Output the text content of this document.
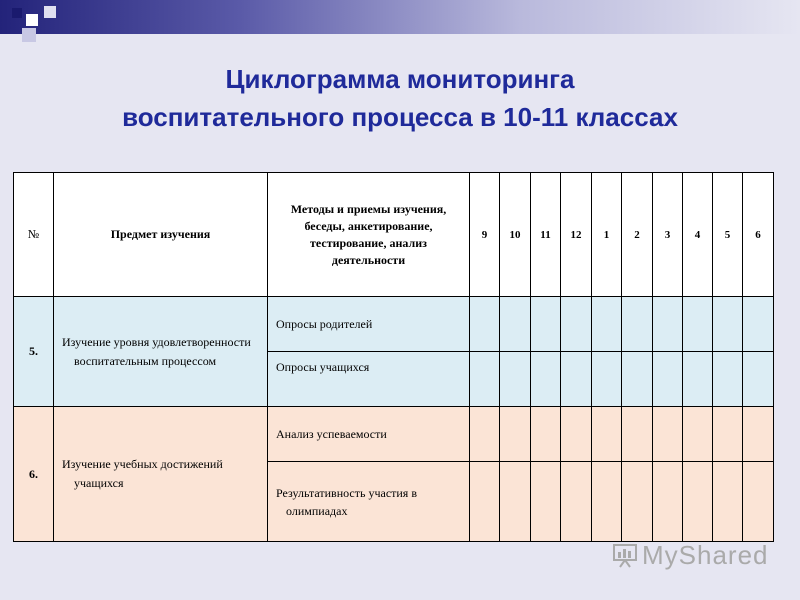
Циклограмма мониторинга
воспитательного процесса в 10-11 классах
№	Предмет изучения	Методы и приемы изучения, беседы, анкетирование, тестирование, анализ деятельности	9	10	11	12	1	2	3	4	5	6
5.	Изучение уровня удовлетворенности воспитательным процессом	Опросы родителей										
		Опросы учащихся										
6.	Изучение учебных достижений учащихся	Анализ успеваемости										
		Результативность участия в олимпиадах										
MyShared
